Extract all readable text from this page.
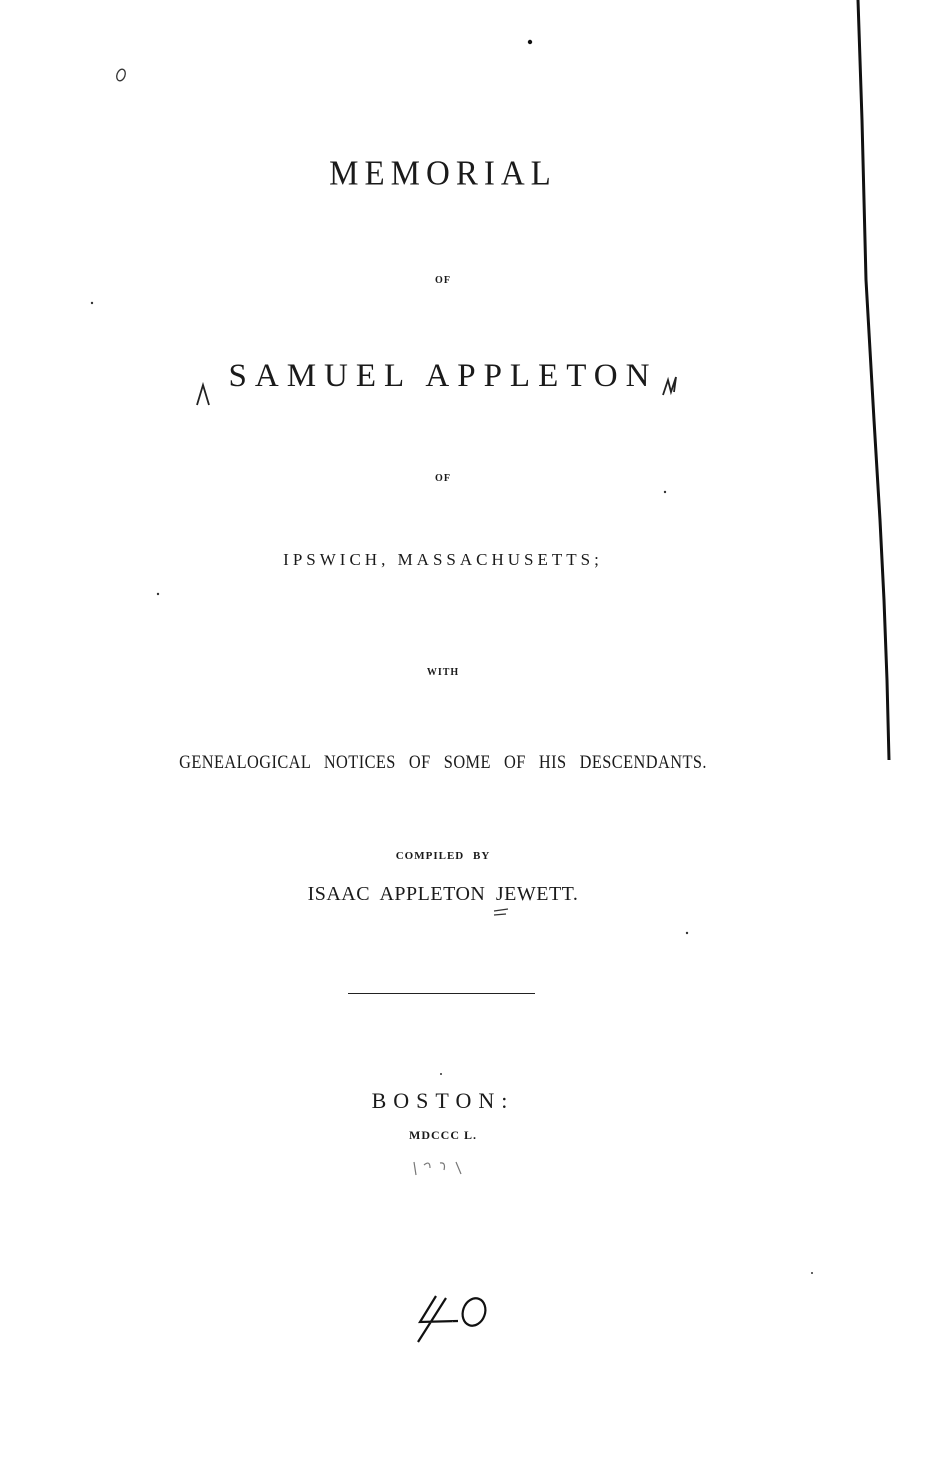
MEMORIAL
OF
SAMUEL APPLETON
OF
IPSWICH, MASSACHUSETTS;
WITH
GENEALOGICAL NOTICES OF SOME OF HIS DESCENDANTS.
COMPILED BY
ISAAC APPLETON JEWETT.
BOSTON:
MDCCC L.
40
